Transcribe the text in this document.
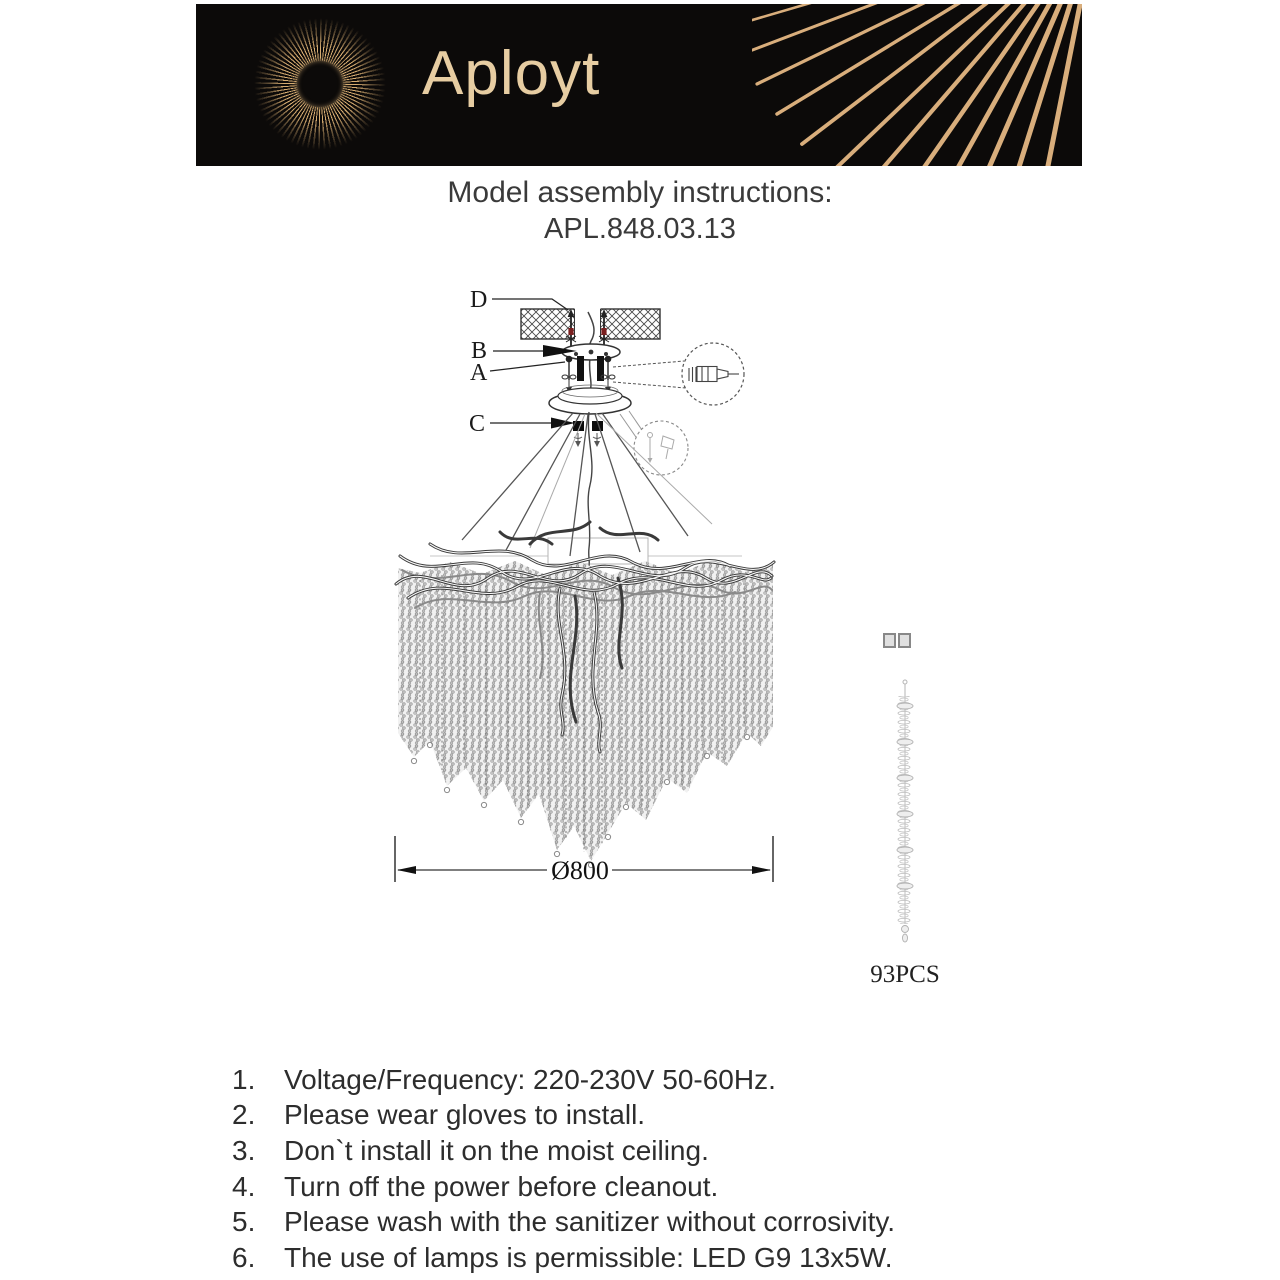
Aployt
Model assembly instructions:
APL.848.03.13
D
B
A
C
Ø800
93PCS
1.	Voltage/Frequency: 220-230V 50-60Hz.
2.	Please wear gloves to install.
3.	Don`t install it on the moist ceiling.
4.	Turn off the power before cleanout.
5.	Please wash with the sanitizer without corrosivity.
6.	The use of lamps is permissible: LED G9 13x5W.
